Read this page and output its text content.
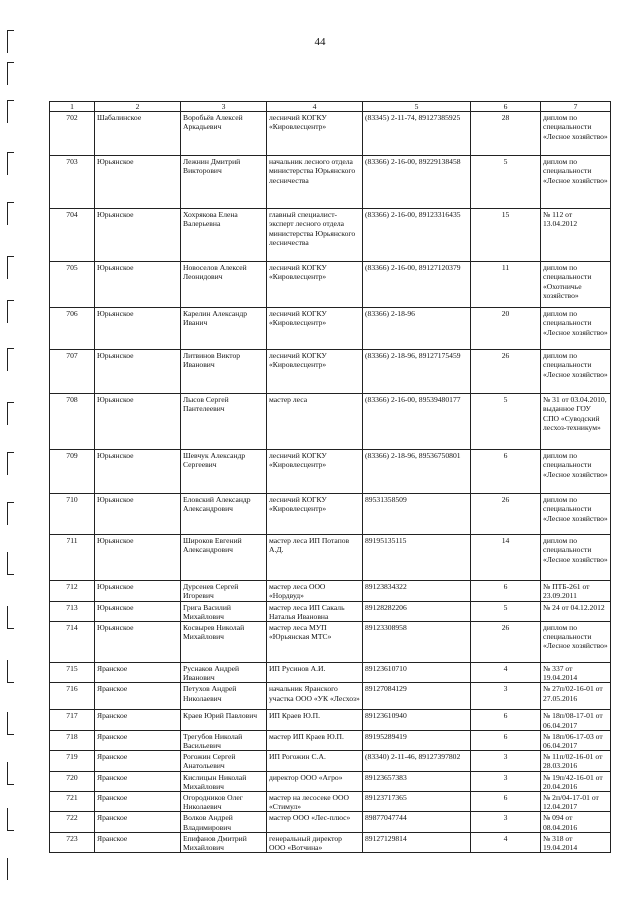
44
1	2	3	4	5	6	7
702	Шабалинское	Воробьёв Алексей Аркадьевич	лесничий КОГКУ «Кировлесцентр»	(83345) 2-11-74, 89127385925	28	диплом по специальности «Лесное хозяйство»
703	Юрьянское	Лежнин Дмитрий Викторович	начальник лесного отдела министерства Юрьянского лесничества	(83366) 2-16-00, 89229138458	5	диплом по специальности «Лесное хозяйство»
704	Юрьянское	Хохрякова Елена Валерьевна	главный специалист-эксперт лесного отдела министерства Юрьянского лесничества	(83366) 2-16-00, 89123316435	15	№ 112 от 13.04.2012
705	Юрьянское	Новоселов Алексей Леонидович	лесничий КОГКУ «Кировлесцентр»	(83366) 2-16-00, 89127120379	11	диплом по специальности «Охотничье хозяйство»
706	Юрьянское	Карелин Александр Иванич	лесничий КОГКУ «Кировлесцентр»	(83366) 2-18-96	20	диплом по специальности «Лесное хозяйство»
707	Юрьянское	Литвинов Виктор Иванович	лесничий КОГКУ «Кировлесцентр»	(83366) 2-18-96, 89127175459	26	диплом по специальности «Лесное хозяйство»
708	Юрьянское	Лысов Сергей Пантелеевич	мастер леса	(83366) 2-16-00, 89539480177	5	№ 31 от 03.04.2010, выданное ГОУ СПО «Суводский лесхоз-техникум»
709	Юрьянское	Шевчук Александр Сергеевич	лесничий КОГКУ «Кировлесцентр»	(83366) 2-18-96, 89536750801	6	диплом по специальности «Лесное хозяйство»
710	Юрьянское	Еловский Александр Александрович	лесничий КОГКУ «Кировлесцентр»	89531358509	26	диплом по специальности «Лесное хозяйство»
711	Юрьянское	Широков Евгений Александрович	мастер леса ИП Потапов А.Д.	89195135115	14	диплом по специальности «Лесное хозяйство»
712	Юрьянское	Дурсенев Сергей Игоревич	мастер леса ООО «Нордвуд»	89123834322	6	№ ПТБ-261 от 23.09.2011
713	Юрьянское	Грига Василий Михайлович	мастер леса ИП Сакаль Наталья Ивановна	89128282206	5	№ 24 от 04.12.2012
714	Юрьянское	Косвырев Николай Михайлович	мастер леса МУП «Юрьянская МТС»	89123308958	26	диплом по специальности «Лесное хозяйство»
715	Яранское	Руснаков Андрей Иванович	ИП Русинов А.И.	89123610710	4	№ 337 от 19.04.2014
716	Яранское	Петухов Андрей Николаевич	начальник Яранского участка ООО «УК «Лесхоз»	89127084129	3	№ 27п/02-16-01 от 27.05.2016
717	Яранское	Краев Юрий Павлович	ИП Краев Ю.П.	89123610940	6	№ 18п/08-17-01 от 06.04.2017
718	Яранское	Трегубов Николай Васильевич	мастер ИП Краев Ю.П.	89195289419	6	№ 18п/06-17-03 от 06.04.2017
719	Яранское	Рогожин Сергей Анатольевич	ИП Рогожин С.А.	(83340) 2-11-46, 89127397802	3	№ 11п/02-16-01 от 28.03.2016
720	Яранское	Кислицын Николай Михайлович	директор ООО «Агро»	89123657383	3	№ 19п/42-16-01 от 20.04.2016
721	Яранское	Огородников Олег Николаевич	мастер на лесосеке ООО «Стимул»	89123717365	6	№ 2п/04-17-01 от 12.04.2017
722	Яранское	Волков Андрей Владимирович	мастер ООО «Лес-плюс»	89877047744	3	№ 094 от 08.04.2016
723	Яранское	Епифанов Дмитрий Михайлович	генеральный директор ООО «Вотчина»	89127129814	4	№ 318 от 19.04.2014
